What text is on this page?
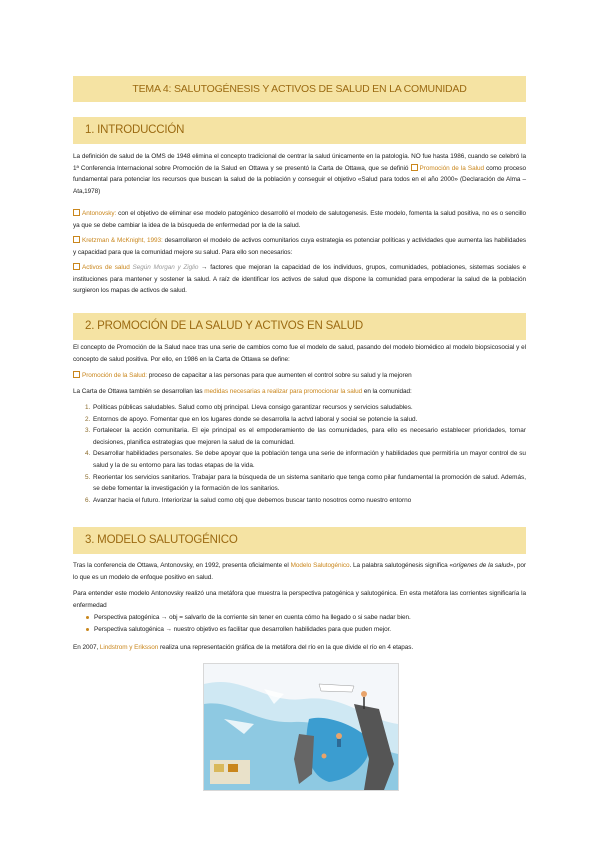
TEMA 4: SALUTOGÉNESIS Y ACTIVOS DE SALUD EN LA COMUNIDAD
1. INTRODUCCIÓN
La definición de salud de la OMS de 1948 elimina el concepto tradicional de centrar la salud únicamente en la patología. NO fue hasta 1986, cuando se celebró la 1ª Conferencia Internacional sobre Promoción de la Salud en Ottawa y se presentó la Carta de Ottawa, que se definió Promoción de la Salud como proceso fundamental para potenciar los recursos que buscan la salud de la población y conseguir el objetivo «Salud para todos en el año 2000» (Declaración de Alma – Ata,1978)
Antonovsky: con el objetivo de eliminar ese modelo patogénico desarrolló el modelo de salutogenesis. Este modelo, fomenta la salud positiva, no es o sencillo ya que se debe cambiar la idea de la búsqueda de enfermedad por la de la salud.
Kretzman & McKnight, 1993: desarrollaron el modelo de activos comunitarios cuya estrategia es potenciar políticas y actividades que aumenta las habilidades y capacidad para que la comunidad mejore su salud. Para ello son necesarios:
Activos de salud Según Morgan y Ziglio → factores que mejoran la capacidad de los individuos, grupos, comunidades, poblaciones, sistemas sociales e instituciones para mantener y sostener la salud. A raíz de identificar los activos de salud que dispone la comunidad para empoderar la salud de la población surgieron los mapas de activos de salud.
2. PROMOCIÓN DE LA SALUD Y ACTIVOS EN SALUD
El concepto de Promoción de la Salud nace tras una serie de cambios como fue el modelo de salud, pasando del modelo biomédico al modelo biopsicosocial y el concepto de salud positiva. Por ello, en 1986 en la Carta de Ottawa se define:
Promoción de la Salud: proceso de capacitar a las personas para que aumenten el control sobre su salud y la mejoren
La Carta de Ottawa también se desarrollan las medidas necesarias a realizar para promocionar la salud en la comunidad:
1. Políticas públicas saludables. Salud como obj principal. Lleva consigo garantizar recursos y servicios saludables.
2. Entornos de apoyo. Fomentar que en los lugares donde se desarrolla la actvd laboral y social se potencie la salud.
3. Fortalecer la acción comunitaria. El eje principal es el empoderamiento de las comunidades, para ello es necesario establecer prioridades, tomar decisiones, planifica estrategias que mejoren la salud de la comunidad.
4. Desarrollar habilidades personales. Se debe apoyar que la población tenga una serie de información y habilidades que permitiría un mayor control de su salud y la de su entorno para las todas etapas de la vida.
5. Reorientar los servicios sanitarios. Trabajar para la búsqueda de un sistema sanitario que tenga como pilar fundamental la promoción de salud. Además, se debe fomentar la investigación y la formación de los sanitarios.
6. Avanzar hacia el futuro. Interiorizar la salud como obj que debemos buscar tanto nosotros como nuestro entorno
3. MODELO SALUTOGÉNICO
Tras la conferencia de Ottawa, Antonovsky, en 1992, presenta oficialmente el Modelo Salutogénico. La palabra salutogénesis significa «orígenes de la salud», por lo que es un modelo de enfoque positivo en salud.
Para entender este modelo Antonovsky realizó una metáfora que muestra la perspectiva patogénica y salutogénica. En esta metáfora las corrientes significaría la enfermedad
Perspectiva patogénica → obj = salvarlo de la corriente sin tener en cuenta cómo ha llegado o si sabe nadar bien.
Perspectiva salutogénica → nuestro objetivo es facilitar que desarrollen habilidades para que puden mejor.
En 2007, Lindstrom y Eriksson realiza una representación gráfica de la metáfora del río en la que divide el río en 4 etapas.
